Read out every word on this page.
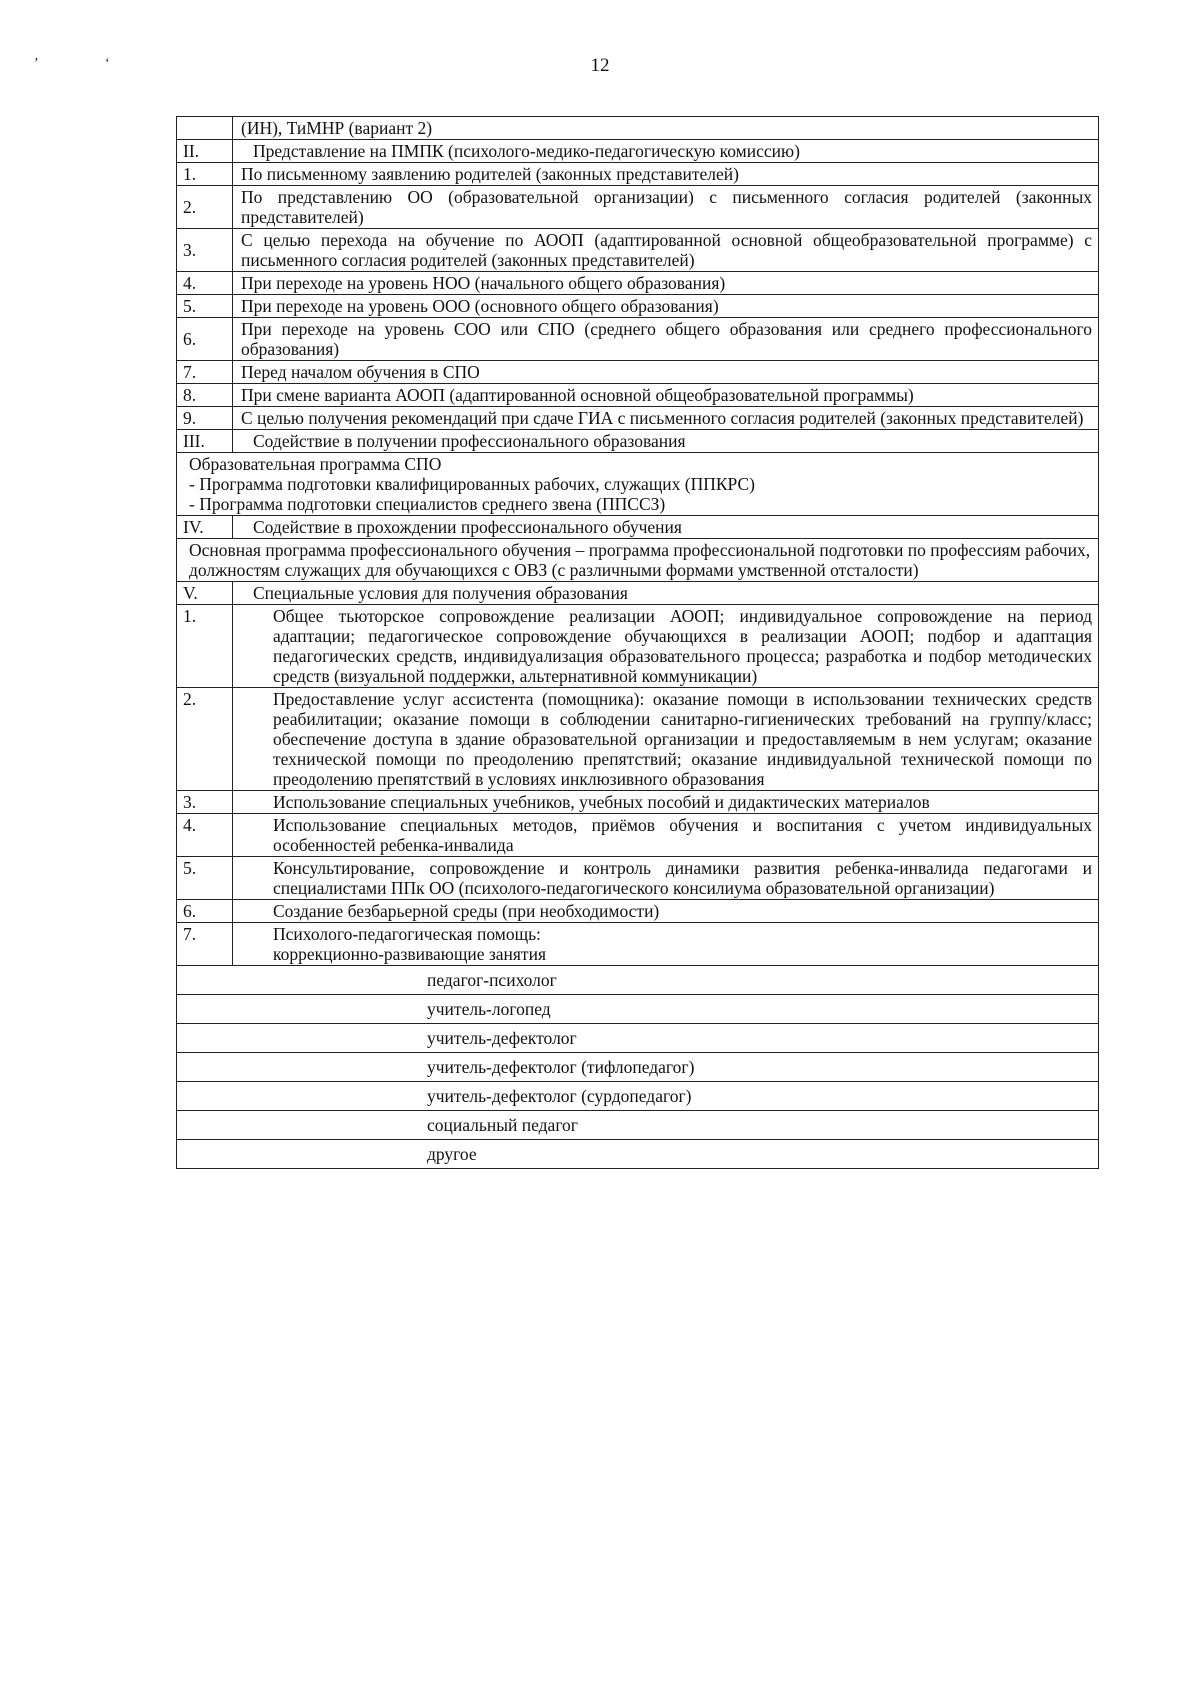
ʼ	ʻ	12
	(ИН), ТиМНР (вариант 2)
II.	Представление на ПМПК (психолого-медико-педагогическую комиссию)
1.	По письменному заявлению родителей (законных представителей)
2.	По представлению ОО (образовательной организации) с письменного согласия родителей (законных представителей)
3.	С целью перехода на обучение по АООП (адаптированной основной общеобразовательной программе) с письменного согласия родителей (законных представителей)
4.	При переходе на уровень НОО (начального общего образования)
5.	При переходе на уровень ООО (основного общего образования)
6.	При переходе на уровень СОО или СПО (среднего общего образования или среднего профессионального образования)
7.	Перед началом обучения в СПО
8.	При смене варианта АООП (адаптированной основной общеобразовательной программы)
9.	С целью получения рекомендаций при сдаче ГИА с письменного согласия родителей (законных представителей)
III.	Содействие в получении профессионального образования

Образовательная программа СПО
- Программа подготовки квалифицированных рабочих, служащих (ППКРС)
- Программа подготовки специалистов среднего звена (ППССЗ)	

IV.	Содействие в прохождении профессионального обучения
Основная программа профессионального обучения – программа профессиональной подготовки по профессиям рабочих, должностям служащих для обучающихся с ОВЗ (с различными формами умственной отсталости)	
V.	Специальные условия для получения образования
1.	Общее тьюторское сопровождение реализации АООП; индивидуальное сопровождение на период адаптации; педагогическое сопровождение обучающихся в реализации АООП; подбор и адаптация педагогических средств, индивидуализация образовательного процесса; разработка и подбор методических средств (визуальной поддержки, альтернативной коммуникации)
2.	Предоставление услуг ассистента (помощника): оказание помощи в использовании технических средств реабилитации; оказание помощи в соблюдении санитарно-гигиенических требований на группу/класс; обеспечение доступа в здание образовательной организации и предоставляемым в нем услугам; оказание технической помощи по преодолению препятствий; оказание индивидуальной технической помощи по преодолению препятствий в условиях инклюзивного образования
3.	Использование специальных учебников, учебных пособий и дидактических материалов
4.	Использование специальных методов, приёмов обучения и воспитания с учетом индивидуальных особенностей ребенка-инвалида
5.	Консультирование, сопровождение и контроль динамики развития ребенка-инвалида педагогами и специалистами ППк ОО (психолого-педагогического консилиума образовательной организации)
6.	Создание безбарьерной среды (при необходимости)
7.	Психолого-педагогическая помощь:
коррекционно-развивающие занятия

педагог-психолог	
учитель-логопед	
учитель-дефектолог	
учитель-дефектолог (тифлопедагог)	
учитель-дефектолог (сурдопедагог)	
социальный педагог	
другое	
